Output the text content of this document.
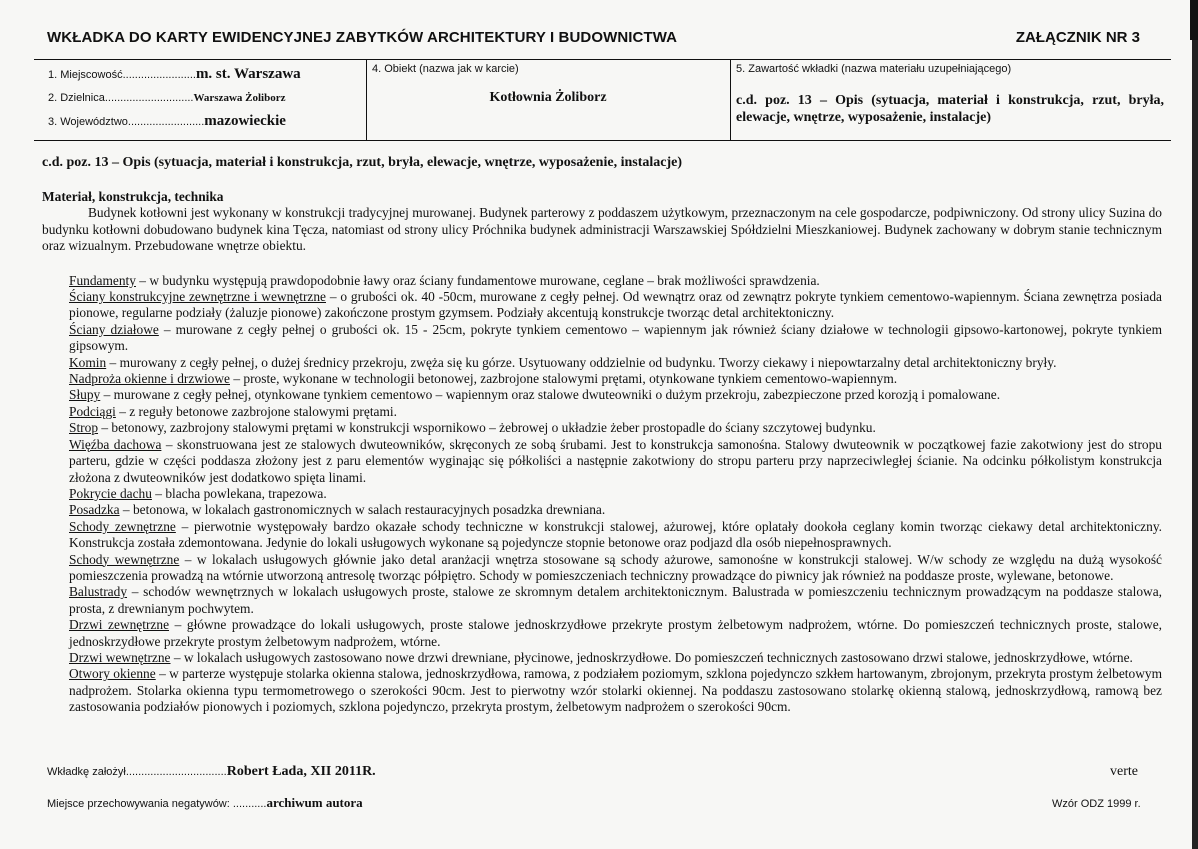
WKŁADKA DO KARTY EWIDENCYJNEJ ZABYTKÓW ARCHITEKTURY I BUDOWNICTWA	ZAŁĄCZNIK NR 3
1. Miejscowość........................m. st. Warszawa
2. Dzielnica.............................Warszawa Żoliborz
3. Województwo.........................mazowieckie
4. Obiekt (nazwa jak w karcie)
Kotłownia Żoliborz
5. Zawartość wkładki (nazwa materiału uzupełniającego)
c.d. poz. 13 – Opis (sytuacja, materiał i konstrukcja, rzut, bryła, elewacje, wnętrze, wyposażenie, instalacje)
c.d. poz. 13 – Opis (sytuacja, materiał i konstrukcja, rzut, bryła, elewacje, wnętrze, wyposażenie, instalacje)
Materiał, konstrukcja, technika
Budynek kotłowni jest wykonany w konstrukcji tradycyjnej murowanej. Budynek parterowy z poddaszem użytkowym, przeznaczonym na cele gospodarcze, podpiwniczony. Od strony ulicy Suzina do budynku kotłowni dobudowano budynek kina Tęcza, natomiast od strony ulicy Próchnika budynek administracji Warszawskiej Spółdzielni Mieszkaniowej. Budynek zachowany w dobrym stanie technicznym oraz wizualnym. Przebudowane wnętrze obiektu.
Fundamenty – w budynku występują prawdopodobnie ławy oraz ściany fundamentowe murowane, ceglane – brak możliwości sprawdzenia.
Ściany konstrukcyjne zewnętrzne i wewnętrzne – o grubości ok. 40 -50cm, murowane z cegły pełnej. Od wewnątrz oraz od zewnątrz pokryte tynkiem cementowo-wapiennym. Ściana zewnętrza posiada pionowe, regularne podziały (żaluzje pionowe) zakończone prostym gzymsem. Podziały akcentują konstrukcje tworząc detal architektoniczny.
Ściany działowe – murowane z cegły pełnej o grubości ok. 15 - 25cm, pokryte tynkiem cementowo – wapiennym jak również ściany działowe w technologii gipsowo-kartonowej, pokryte tynkiem gipsowym.
Komin – murowany z cegły pełnej, o dużej średnicy przekroju, zwęża się ku górze. Usytuowany oddzielnie od budynku. Tworzy ciekawy i niepowtarzalny detal architektoniczny bryły.
Nadproża okienne i drzwiowe – proste, wykonane w technologii betonowej, zazbrojone stalowymi prętami, otynkowane tynkiem cementowo-wapiennym.
Słupy – murowane z cegły pełnej, otynkowane tynkiem cementowo – wapiennym oraz stalowe dwuteowniki o dużym przekroju, zabezpieczone przed korozją i pomalowane.
Podciągi – z reguły betonowe zazbrojone stalowymi prętami.
Strop – betonowy, zazbrojony stalowymi prętami w konstrukcji wspornikowo – żebrowej o układzie żeber prostopadle do ściany szczytowej budynku.
Więźba dachowa – skonstruowana jest ze stalowych dwuteowników, skręconych ze sobą śrubami. Jest to konstrukcja samonośna. Stalowy dwuteownik w początkowej fazie zakotwiony jest do stropu parteru, gdzie w części poddasza złożony jest z paru elementów wyginając się półkoliści a następnie zakotwiony do stropu parteru przy naprzeciwległej ścianie. Na odcinku półkolistym konstrukcja złożona z dwuteowników jest dodatkowo spięta linami.
Pokrycie dachu – blacha powlekana, trapezowa.
Posadzka – betonowa, w lokalach gastronomicznych w salach restauracyjnych posadzka drewniana.
Schody zewnętrzne – pierwotnie występowały bardzo okazałe schody techniczne w konstrukcji stalowej, ażurowej, które oplatały dookoła ceglany komin tworząc ciekawy detal architektoniczny. Konstrukcja została zdemontowana. Jedynie do lokali usługowych wykonane są pojedyncze stopnie betonowe oraz podjazd dla osób niepełnosprawnych.
Schody wewnętrzne – w lokalach usługowych głównie jako detal aranżacji wnętrza stosowane są schody ażurowe, samonośne w konstrukcji stalowej. W/w schody ze względu na dużą wysokość pomieszczenia prowadzą na wtórnie utworzoną antresolę tworząc półpiętro. Schody w pomieszczeniach techniczny prowadzące do piwnicy jak również na poddasze proste, wylewane, betonowe.
Balustrady – schodów wewnętrznych w lokalach usługowych proste, stalowe ze skromnym detalem architektonicznym. Balustrada w pomieszczeniu technicznym prowadzącym na poddasze stalowa, prosta, z drewnianym pochwytem.
Drzwi zewnętrzne – główne prowadzące do lokali usługowych, proste stalowe jednoskrzydłowe przekryte prostym żelbetowym nadprożem, wtórne. Do pomieszczeń technicznych proste, stalowe, jednoskrzydłowe przekryte prostym żelbetowym nadprożem, wtórne.
Drzwi wewnętrzne – w lokalach usługowych zastosowano nowe drzwi drewniane, płycinowe, jednoskrzydłowe. Do pomieszczeń technicznych zastosowano drzwi stalowe, jednoskrzydłowe, wtórne.
Otwory okienne – w parterze występuje stolarka okienna stalowa, jednoskrzydłowa, ramowa, z podziałem poziomym, szklona pojedynczo szkłem hartowanym, zbrojonym, przekryta prostym żelbetowym nadprożem. Stolarka okienna typu termometrowego o szerokości 90cm. Jest to pierwotny wzór stolarki okiennej. Na poddaszu zastosowano stolarkę okienną stalową, jednoskrzydłową, ramową bez zastosowania podziałów pionowych i poziomych, szklona pojedynczo, przekryta prostym, żelbetowym nadprożem o szerokości 90cm.
Wkładkę założył.................................Robert Łada, XII 2011R.	verte
Miejsce przechowywania negatywów: ...........archiwum autora	Wzór ODZ 1999 r.
